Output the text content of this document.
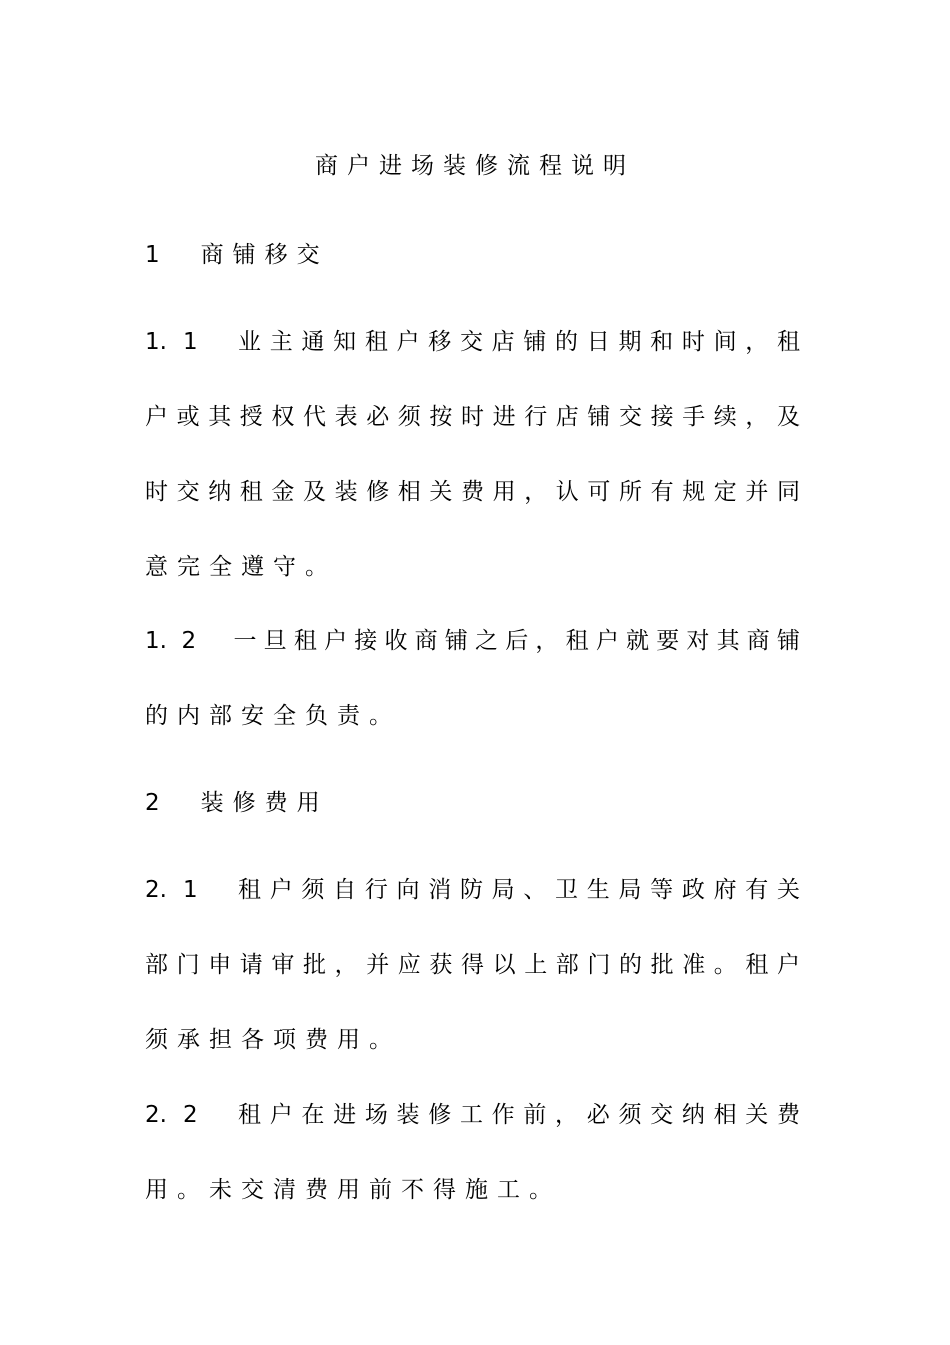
商户进场装修流程说明
1　商铺移交
1. 1　业主通知租户移交店铺的日期和时间，租
户或其授权代表必须按时进行店铺交接手续，及
时交纳租金及装修相关费用，认可所有规定并同
意完全遵守。
1. 2　一旦租户接收商铺之后，租户就要对其商铺
的内部安全负责。
2　装修费用
2. 1　租户须自行向消防局、卫生局等政府有关
部门申请审批，并应获得以上部门的批准。租户
须承担各项费用。
2. 2　租户在进场装修工作前，必须交纳相关费
用。未交清费用前不得施工。
